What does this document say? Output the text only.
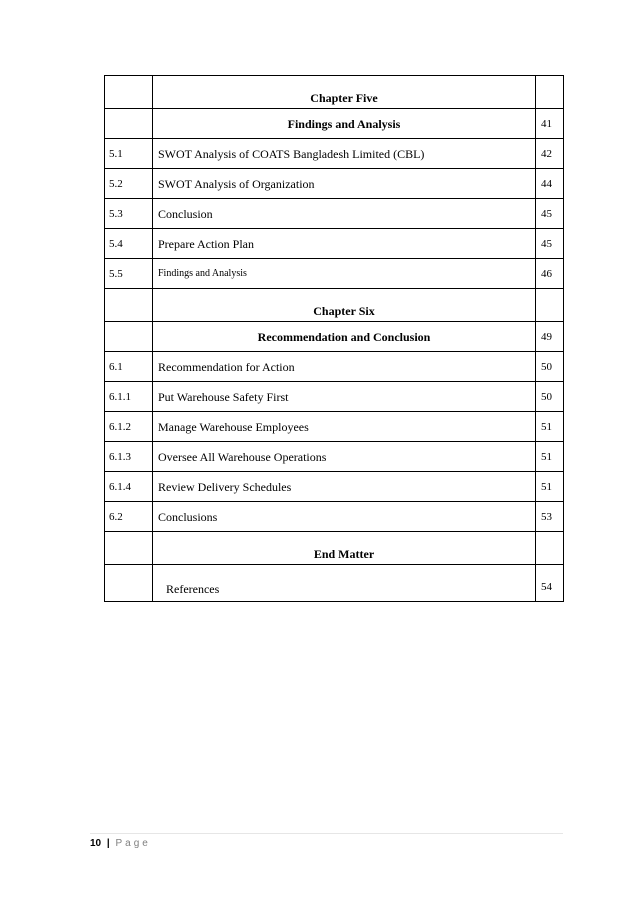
	Chapter Five	
	Findings and Analysis	41
5.1	SWOT Analysis of COATS Bangladesh Limited (CBL)	42
5.2	SWOT Analysis of Organization	44
5.3	Conclusion	45
5.4	Prepare Action Plan	45
5.5	Findings and Analysis	46
	Chapter Six	
	Recommendation and Conclusion	49
6.1	Recommendation for Action	50
6.1.1	Put Warehouse Safety First	50
6.1.2	Manage Warehouse Employees	51
6.1.3	Oversee All Warehouse Operations	51
6.1.4	Review Delivery Schedules	51
6.2	Conclusions	53
	End Matter	
	References	54
10 | Page
